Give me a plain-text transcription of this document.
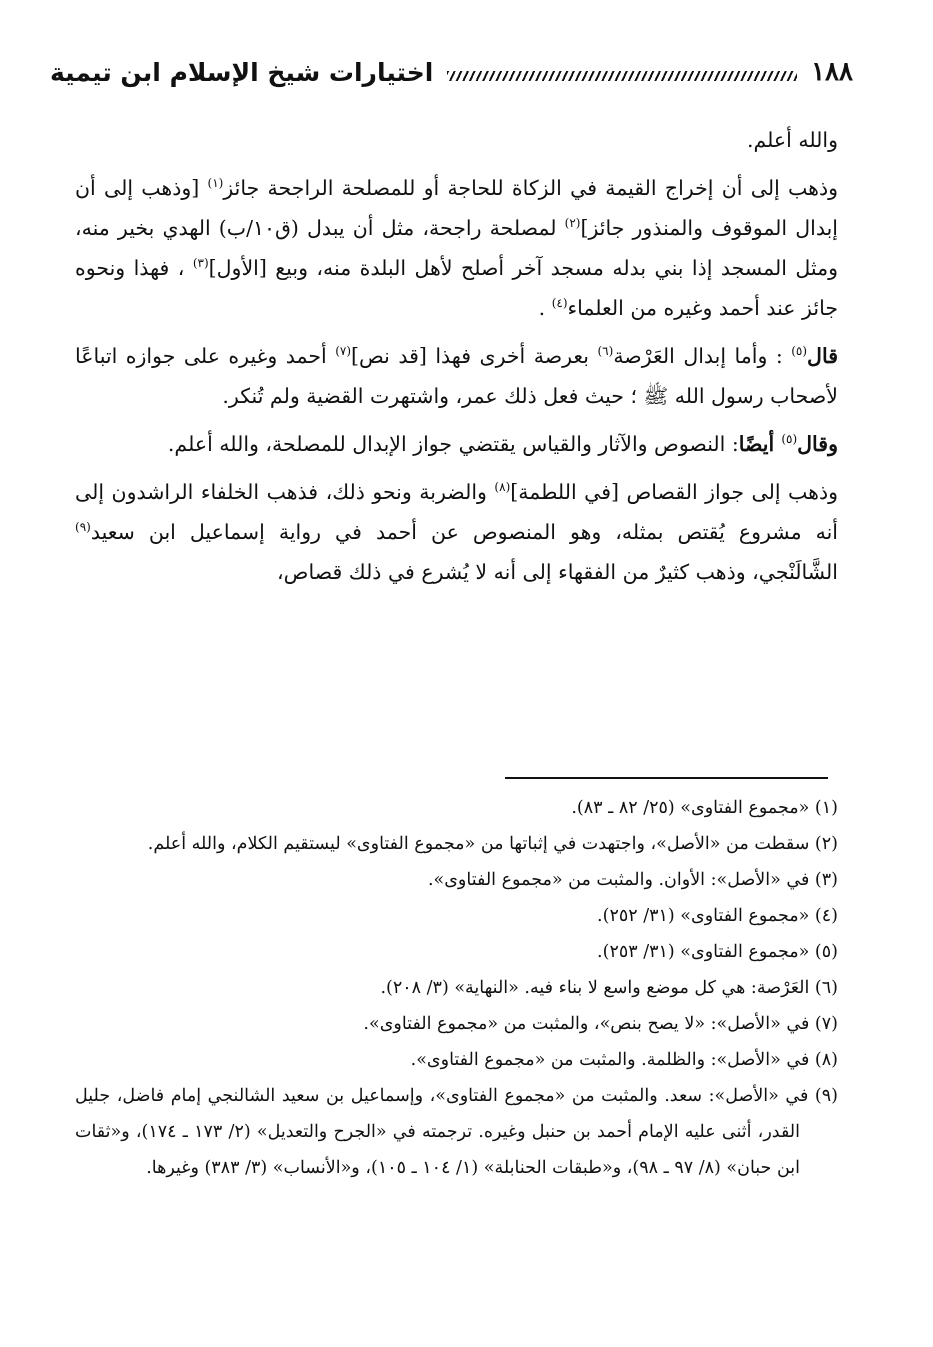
اختيارات شيخ الإسلام ابن تيمية	١٨٨

والله أعلم.

وذهب إلى أن إخراج القيمة في الزكاة للحاجة أو للمصلحة الراجحة جائز$^{(١)}$ [وذهب إلى أن إبدال الموقوف والمنذور جائز]$^{(٢)}$ لمصلحة راجحة، مثل أن يبدل (ق١٠/ب) الهدي بخير منه، ومثل المسجد إذا بني بدله مسجد آخر أصلح لأهل البلدة منه، وبيع [الأول]$^{(٣)}$ ، فهذا ونحوه جائز عند أحمد وغيره من العلماء$^{(٤)}$ .

قال$^{(٥)}$ : وأما إبدال العَرْصة$^{(٦)}$ بعرصة أخرى فهذا [قد نص]$^{(٧)}$ أحمد وغيره على جوازه اتباعًا لأصحاب رسول الله ﷺ ؛ حيث فعل ذلك عمر، واشتهرت القضية ولم تُنكر.

وقال$^{(٥)}$ أيضًا: النصوص والآثار والقياس يقتضي جواز الإبدال للمصلحة، والله أعلم.

وذهب إلى جواز القصاص [في اللطمة]$^{(٨)}$ والضربة ونحو ذلك، فذهب الخلفاء الراشدون إلى أنه مشروع يُقتص بمثله، وهو المنصوص عن أحمد في رواية إسماعيل ابن سعيد$^{(٩)}$ الشَّالَنْجي، وذهب كثيرٌ من الفقهاء إلى أنه لا يُشرع في ذلك قصاص،

(١) «مجموع الفتاوى» (٢٥/ ٨٢ ـ ٨٣).

(٢) سقطت من «الأصل»، واجتهدت في إثباتها من «مجموع الفتاوى» ليستقيم الكلام، والله أعلم.

(٣) في «الأصل»: الأوان. والمثبت من «مجموع الفتاوى».

(٤) «مجموع الفتاوى» (٣١/ ٢٥٢).

(٥) «مجموع الفتاوى» (٣١/ ٢٥٣).

(٦) العَرْصة: هي كل موضع واسع لا بناء فيه. «النهاية» (٣/ ٢٠٨).

(٧) في «الأصل»: «لا يصح بنص»، والمثبت من «مجموع الفتاوى».

(٨) في «الأصل»: والظلمة. والمثبت من «مجموع الفتاوى».

(٩) في «الأصل»: سعد. والمثبت من «مجموع الفتاوى»، وإسماعيل بن سعيد الشالنجي إمام فاضل، جليل القدر، أثنى عليه الإمام أحمد بن حنبل وغيره. ترجمته في «الجرح والتعديل» (٢/ ١٧٣ ـ ١٧٤)، و«ثقات ابن حبان» (٨/ ٩٧ ـ ٩٨)، و«طبقات الحنابلة» (١/ ١٠٤ ـ ١٠٥)، و«الأنساب» (٣/ ٣٨٣) وغيرها.
